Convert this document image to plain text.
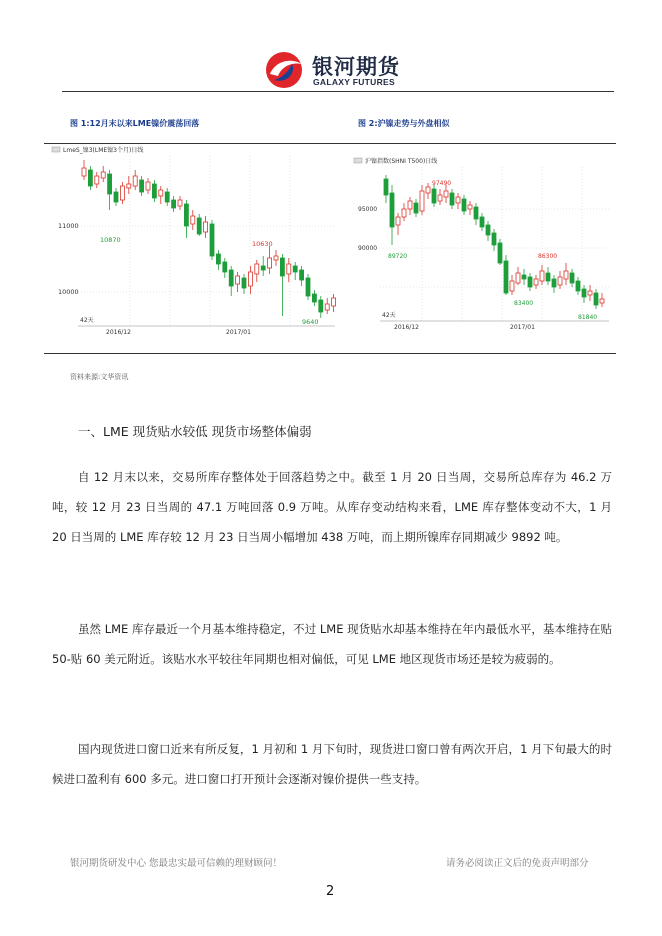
银河期货
GALAXY FUTURES
图 1:12月末以来LME镍价震荡回落	图 2:沪镍走势与外盘相似
LmeS_镍3(LME镍3个月)日线
11000
10000
10870	10630
9640
42天
2016/12	2017/01
沪镍指数(SHNI T500)日线
95000
90000
97490
89720	86300
83400
81840
42天
2016/12	2017/01
资料来源:文华资讯
一、LME 现货贴水较低 现货市场整体偏弱
自 12 月末以来，交易所库存整体处于回落趋势之中。截至 1 月 20 日当周，交易所总库存为 46.2 万吨，较 12 月 23 日当周的 47.1 万吨回落 0.9 万吨。从库存变动结构来看，LME 库存整体变动不大，1 月 20 日当周的 LME 库存较 12 月 23 日当周小幅增加 438 万吨，而上期所镍库存同期减少 9892 吨。
虽然 LME 库存最近一个月基本维持稳定，不过 LME 现货贴水却基本维持在年内最低水平，基本维持在贴 50-贴 60 美元附近。该贴水水平较往年同期也相对偏低，可见 LME 地区现货市场还是较为疲弱的。
国内现货进口窗口近来有所反复，1 月初和 1 月下旬时，现货进口窗口曾有两次开启，1 月下旬最大的时候进口盈利有 600 多元。进口窗口打开预计会逐渐对镍价提供一些支持。
银河期货研发中心 您最忠实最可信赖的理财顾问！	请务必阅读正文后的免责声明部分
2
